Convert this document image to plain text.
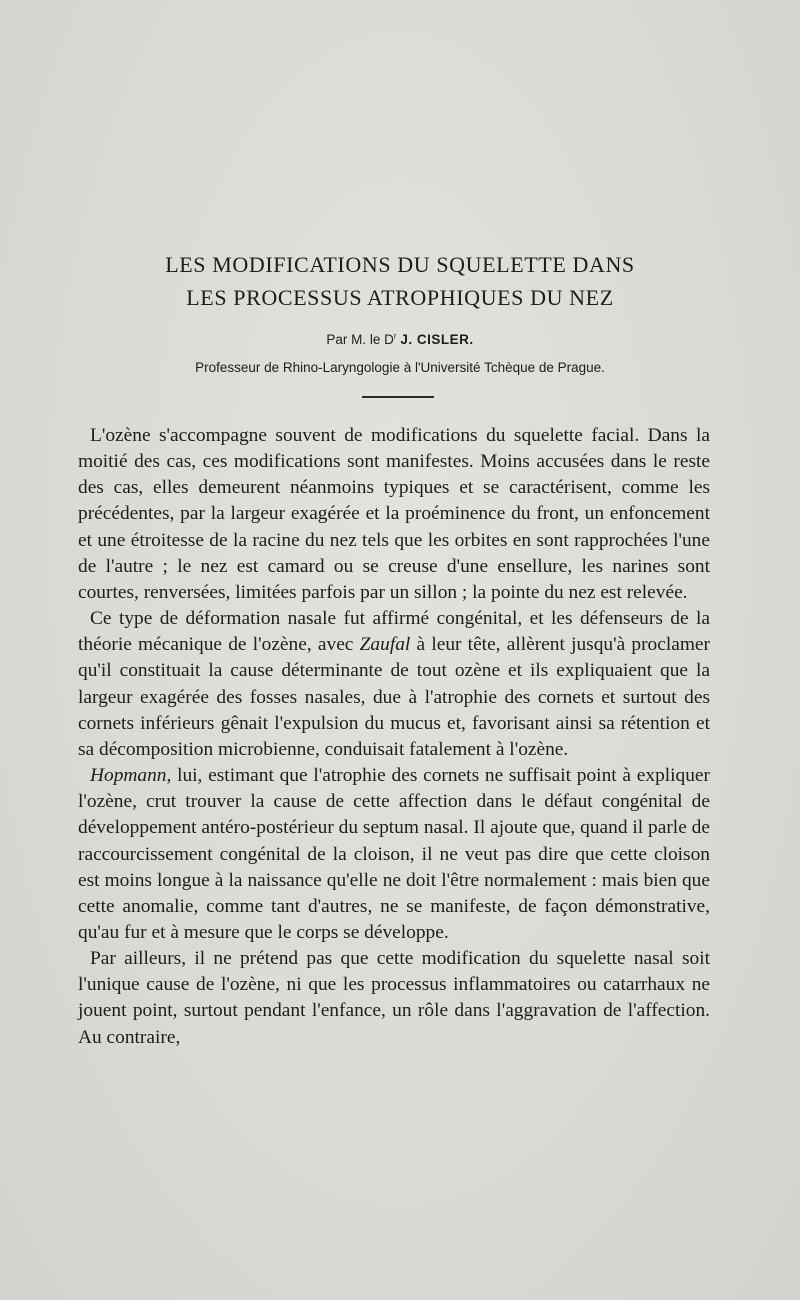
LES MODIFICATIONS DU SQUELETTE DANS
LES PROCESSUS ATROPHIQUES DU NEZ
Par M. le $D^r$ J. CISLER.
Professeur de Rhino-Laryngologie à l'Université Tchèque de Prague.

L'ozène s'accompagne souvent de modifications du squelette facial. Dans la moitié des cas, ces modifications sont manifestes. Moins accusées dans le reste des cas, elles demeurent néanmoins typiques et se caractérisent, comme les précédentes, par la largeur exagérée et la proéminence du front, un enfoncement et une étroitesse de la racine du nez tels que les orbites en sont rapprochées l'une de l'autre ; le nez est camard ou se creuse d'une ensellure, les narines sont courtes, renversées, limitées parfois par un sillon ; la pointe du nez est relevée.

Ce type de déformation nasale fut affirmé congénital, et les défenseurs de la théorie mécanique de l'ozène, avec Zaufal à leur tête, allèrent jusqu'à proclamer qu'il constituait la cause déterminante de tout ozène et ils expliquaient que la largeur exagérée des fosses nasales, due à l'atrophie des cornets et surtout des cornets inférieurs gênait l'expulsion du mucus et, favorisant ainsi sa rétention et sa décomposition microbienne, conduisait fatalement à l'ozène.

Hopmann, lui, estimant que l'atrophie des cornets ne suffisait point à expliquer l'ozène, crut trouver la cause de cette affection dans le défaut congénital de développement antéro-postérieur du septum nasal. Il ajoute que, quand il parle de raccourcissement congénital de la cloison, il ne veut pas dire que cette cloison est moins longue à la naissance qu'elle ne doit l'être normalement : mais bien que cette anomalie, comme tant d'autres, ne se manifeste, de façon démonstrative, qu'au fur et à mesure que le corps se développe.

Par ailleurs, il ne prétend pas que cette modification du squelette nasal soit l'unique cause de l'ozène, ni que les processus inflammatoires ou catarrhaux ne jouent point, surtout pendant l'enfance, un rôle dans l'aggravation de l'affection. Au contraire,
